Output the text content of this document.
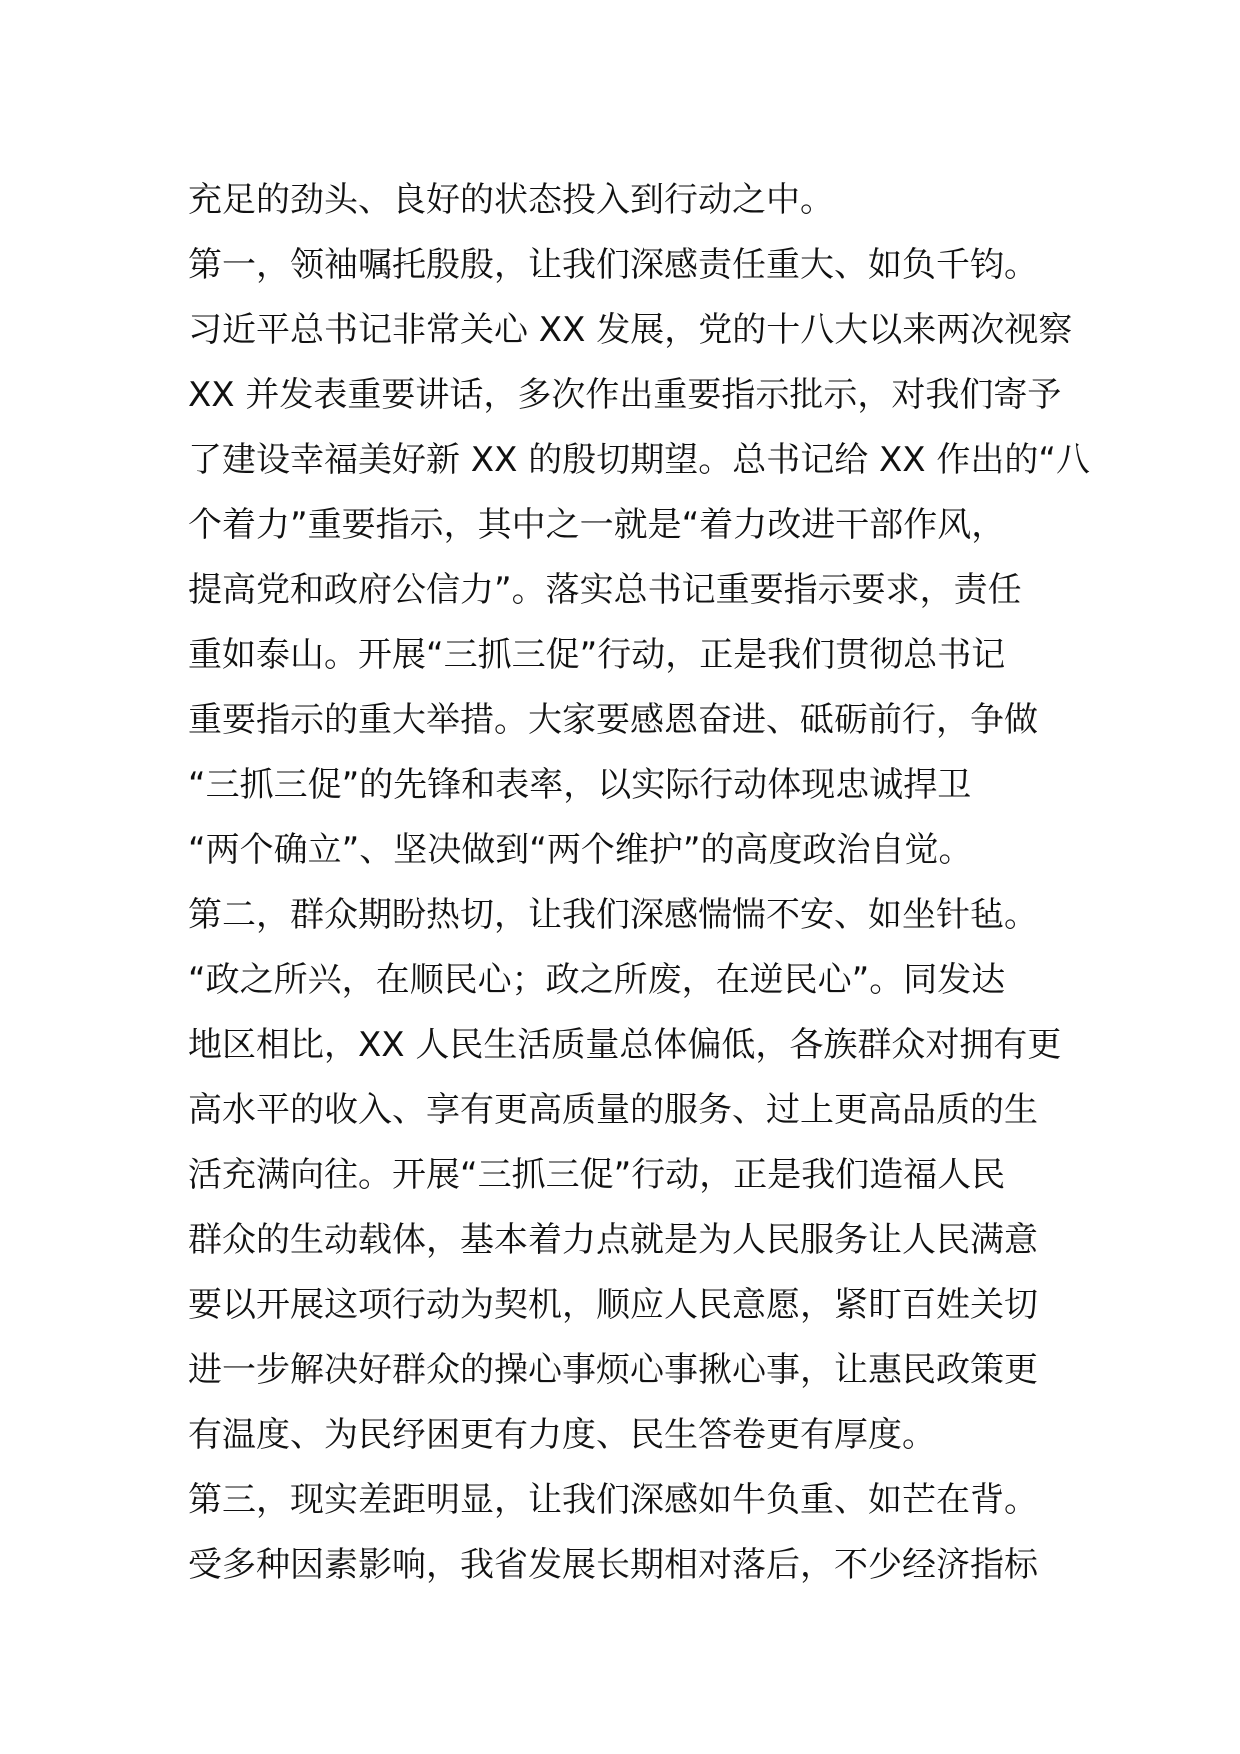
充足的劲头、良好的状态投入到行动之中。
第一，领袖嘱托殷殷，让我们深感责任重大、如负千钧。
习近平总书记非常关心 XX 发展，党的十八大以来两次视察
XX 并发表重要讲话，多次作出重要指示批示，对我们寄予
了建设幸福美好新 XX 的殷切期望。总书记给 XX 作出的“八
个着力”重要指示，其中之一就是“着力改进干部作风，
提高党和政府公信力”。落实总书记重要指示要求，责任
重如泰山。开展“三抓三促”行动，正是我们贯彻总书记
重要指示的重大举措。大家要感恩奋进、砥砺前行，争做
“三抓三促”的先锋和表率，以实际行动体现忠诚捍卫
“两个确立”、坚决做到“两个维护”的高度政治自觉。
第二，群众期盼热切，让我们深感惴惴不安、如坐针毡。
“政之所兴，在顺民心；政之所废，在逆民心”。同发达
地区相比，XX 人民生活质量总体偏低，各族群众对拥有更
高水平的收入、享有更高质量的服务、过上更高品质的生
活充满向往。开展“三抓三促”行动，正是我们造福人民
群众的生动载体，基本着力点就是为人民服务让人民满意
要以开展这项行动为契机，顺应人民意愿，紧盯百姓关切
进一步解决好群众的操心事烦心事揪心事，让惠民政策更
有温度、为民纾困更有力度、民生答卷更有厚度。
第三，现实差距明显，让我们深感如牛负重、如芒在背。
受多种因素影响，我省发展长期相对落后，不少经济指标
